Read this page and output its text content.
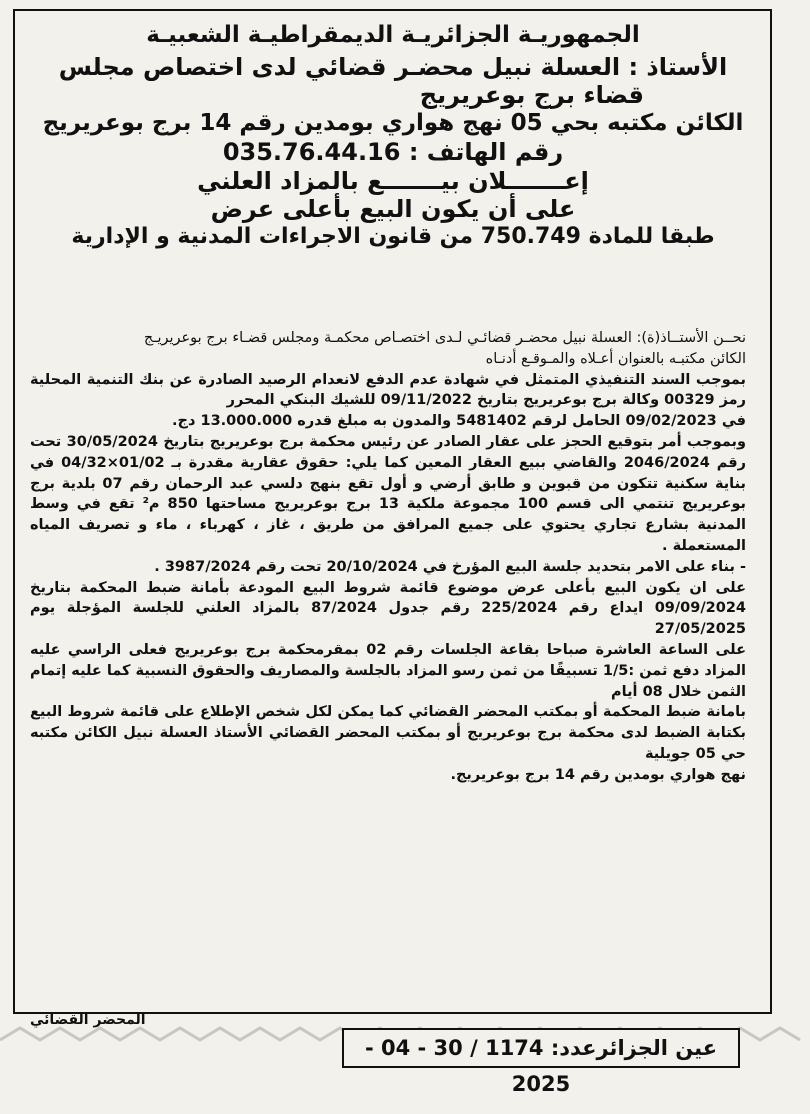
الجمهوريـة الجزائريـة الديمقراطيـة الشعبيـة
الأستاذ : العسلة نبيل محضـر قضائي لدى اختصاص مجلس
قضاء برج بوعريريج
الكائن مكتبه بحي 05 نهج هواري بومدين رقم 14 برج بوعريريج
رقم الهاتف : 035.76.44.16
إعـــــــلان بيـــــــع بالمزاد العلني
على أن يكون البيع بأعلى عرض
طبقا للمادة 750.749 من قانون الاجراءات المدنية و الإدارية

نحــن الأستــاذ(ة): العسلة نبيل محضـر قضائـي لـدى اختصـاص محكمـة ومجلس قضـاء برج بوعريريـج

الكائن مكتبـه بالعنوان أعـلاه والمـوقـع أدنـاه

بموجب السند التنفيذي المتمثل في شهادة عدم الدفع لانعدام الرصيد الصادرة عن بنك التنمية المحلية رمز 00329 وكالة برج بوعريريج بتاريخ 09/11/2022 للشيك البنكي المحرر

في 09/02/2023 الحامل لرقم 5481402 والمدون به مبلغ قدره 13.000.000 دج.

وبموجب أمر بتوقيع الحجز على عقار الصادر عن رئيس محكمة برج بوعريريج بتاريخ 30/05/2024 تحت رقم 2046/2024 والقاضي ببيع العقار المعين كما يلي: حقوق عقارية مقدرة بـ 01/02×04/32 في بناية سكنية تتكون من قبوين و طابق أرضي و أول تقع بنهج دلسي عبد الرحمان رقم 07 بلدية برج بوعريريج تنتمي الى قسم 100 مجموعة ملكية 13 برج بوعريريج مساحتها 850 م² تقع في وسط المدنية بشارع تجاري يحتوي على جميع المرافق من طريق ، غاز ، كهرباء ، ماء و تصريف المياه المستعملة .

- بناء على الامر بتحديد جلسة البيع المؤرخ في 20/10/2024 تحت رقم 3987/2024 .

على ان يكون البيع بأعلى عرض موضوع قائمة شروط البيع المودعة بأمانة ضبط المحكمة بتاريخ 09/09/2024 ايداع رقم 225/2024 رقم جدول 87/2024 بالمزاد العلني للجلسة المؤجلة يوم 27/05/2025

على الساعة العاشرة صباحا بقاعة الجلسات رقم 02 بمقرمحكمة برج بوعريريج فعلى الراسي عليه المزاد دفع ثمن :1/5 تسبيقًا من ثمن رسو المزاد بالجلسة والمصاريف والحقوق النسبية كما عليه إتمام الثمن خلال 08 أيام

بامانة ضبط المحكمة أو بمكتب المحضر القضائي كما يمكن لكل شخص الإطلاع على قائمة شروط البيع بكتابة الضبط لدى محكمة برج بوعريريج أو بمكتب المحضر القضائي الأستاذ العسلة نبيل الكائن مكتبه حي 05 جويلية

نهج هواري بومدين رقم 14 برج بوعريريج.

المحضر القضائي
عين الجزائرعدد: 1174 / 30 - 04 - 2025
